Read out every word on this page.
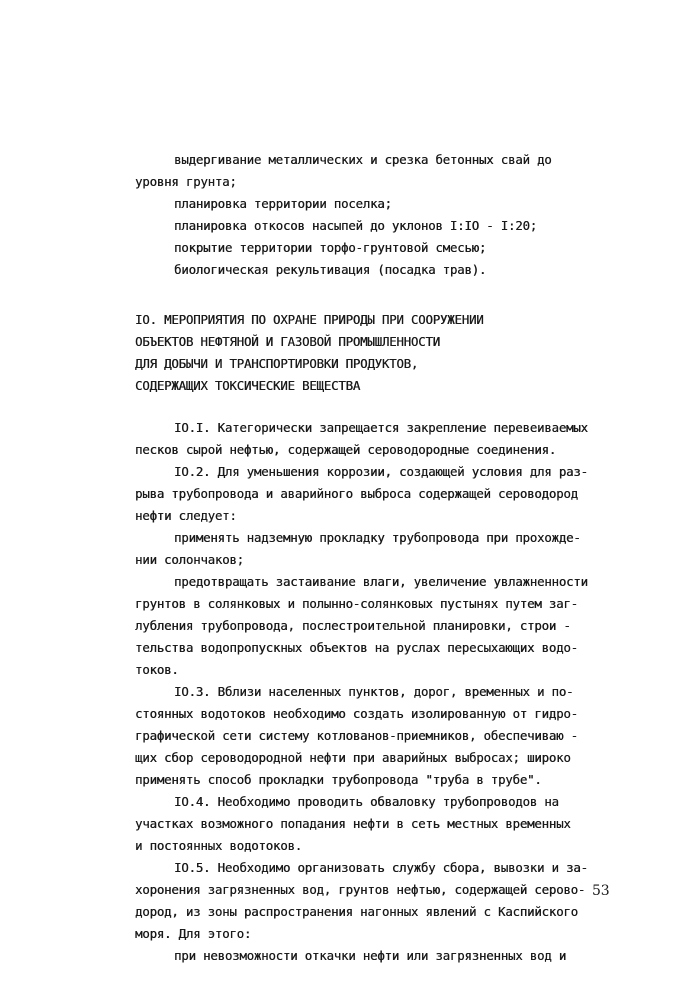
выдергивание металлических и срезка бетонных свай до
уровня грунта;
планировка территории поселка;
планировка откосов насыпей до уклонов I:IO - I:20;
покрытие территории торфо-грунтовой смесью;
биологическая рекультивация (посадка трав).
IO. МЕРОПРИЯТИЯ ПО ОХРАНЕ ПРИРОДЫ ПРИ СООРУЖЕНИИ
ОБЪЕКТОВ НЕФТЯНОЙ И ГАЗОВОЙ ПРОМЫШЛЕННОСТИ
ДЛЯ ДОБЫЧИ И ТРАНСПОРТИРОВКИ ПРОДУКТОВ,
СОДЕРЖАЩИХ ТОКСИЧЕСКИЕ ВЕЩЕСТВА
IO.I. Категорически запрещается закрепление перевеиваемых
песков сырой нефтью, содержащей сероводородные соединения.
IO.2. Для уменьшения коррозии, создающей условия для раз-
рыва трубопровода и аварийного выброса содержащей сероводород
нефти следует:
применять надземную прокладку трубопровода при прохожде-
нии солончаков;
предотвращать застаивание влаги, увеличение увлажненности
грунтов в солянковых и полынно-солянковых пустынях путем заг-
лубления трубопровода, послестроительной планировки, строи -
тельства водопропускных объектов на руслах пересыхающих водо-
токов.
IO.3. Вблизи населенных пунктов, дорог, временных и по-
стоянных водотоков необходимо создать изолированную от гидро-
графической сети систему котлованов-приемников, обеспечиваю -
щих сбор сероводородной нефти при аварийных выбросах; широко
применять способ прокладки трубопровода "труба в трубе".
IO.4. Необходимо проводить обваловку трубопроводов на
участках возможного попадания нефти в сеть местных временных
и постоянных водотоков.
IO.5. Необходимо организовать службу сбора, вывозки и за-
хоронения загрязненных вод, грунтов нефтью, содержащей серово-
дород, из зоны распространения нагонных явлений с Каспийского
моря. Для этого:
при невозможности откачки нефти или загрязненных вод и
53
